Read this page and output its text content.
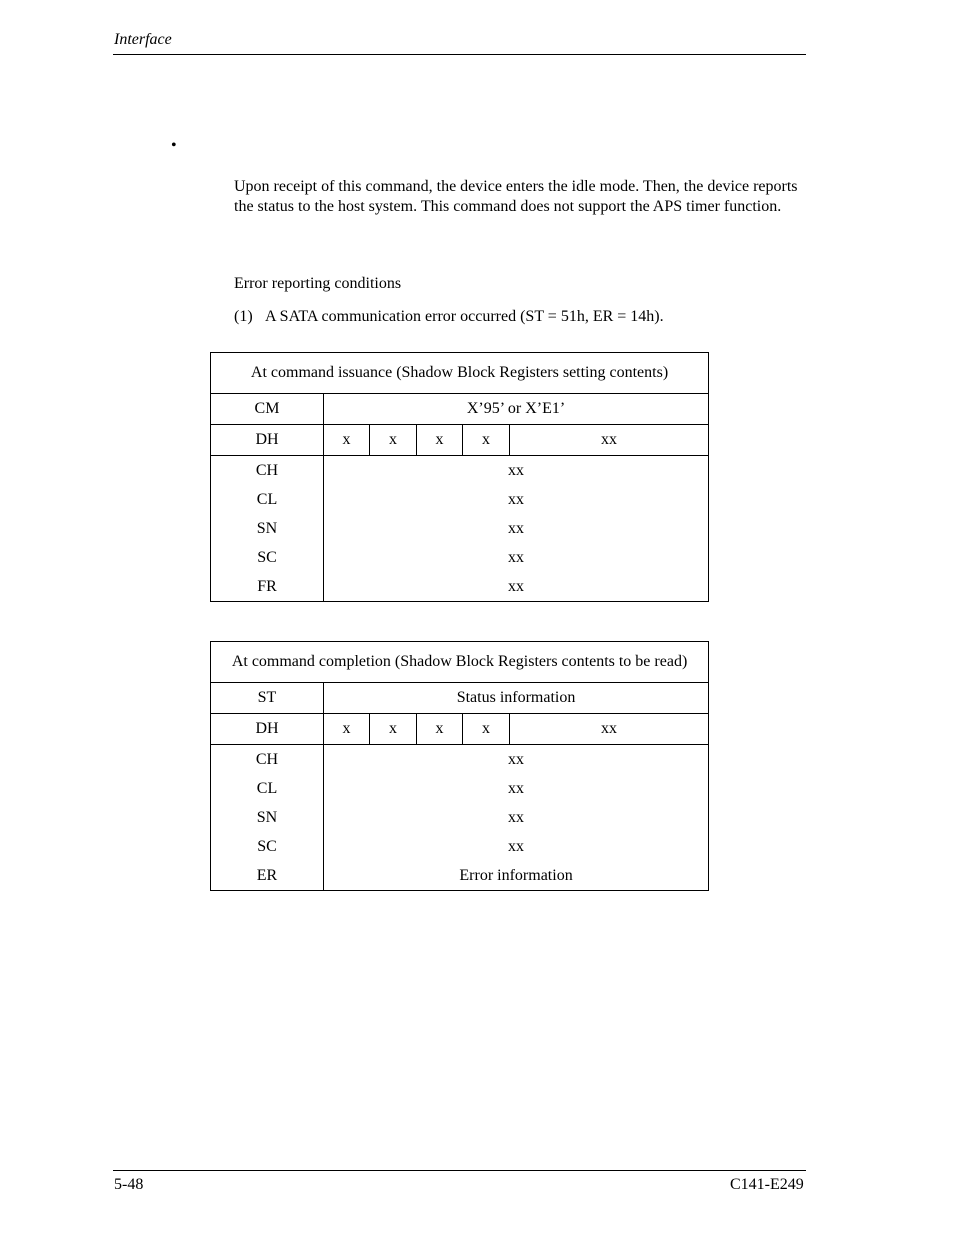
Interface
•
Upon receipt of this command, the device enters the idle mode. Then, the device reports the status to the host system. This command does not support the APS timer function.
Error reporting conditions
(1) A SATA communication error occurred (ST = 51h, ER = 14h).
At command issuance (Shadow Block Registers setting contents)					
CM	X’95’ or X’E1’				
DH	x	x	x	x	xx
CH	xx				
CL	xx				
SN	xx				
SC	xx				
FR	xx				
At command completion (Shadow Block Registers contents to be read)					
ST	Status information				
DH	x	x	x	x	xx
CH	xx				
CL	xx				
SN	xx				
SC	xx				
ER	Error information				
5-48	C141-E249
